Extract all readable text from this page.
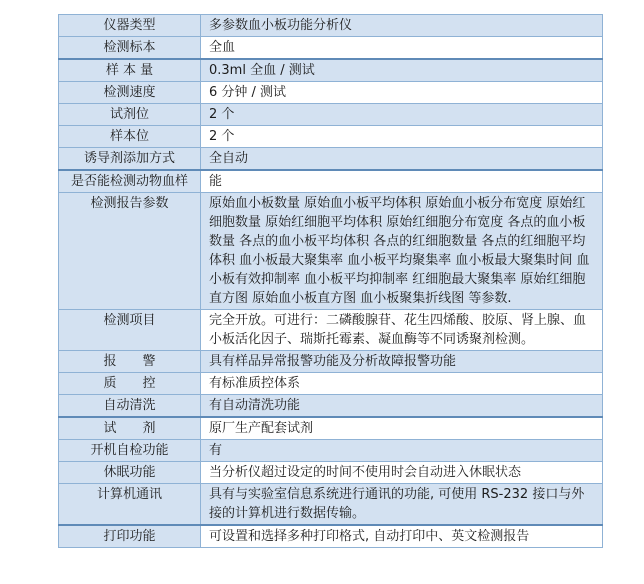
仪器类型	多参数血小板功能分析仪
检测标本	全血
样 本 量	0.3ml 全血 / 测试
检测速度	6 分钟 / 测试
试剂位	2 个
样本位	2 个
诱导剂添加方式	全自动
是否能检测动物血样	能
检测报告参数	原始血小板数量 原始血小板平均体积 原始血小板分布宽度 原始红细胞数量 原始红细胞平均体积 原始红细胞分布宽度 各点的血小板数量 各点的血小板平均体积 各点的红细胞数量 各点的红细胞平均体积 血小板最大聚集率 血小板平均聚集率 血小板最大聚集时间 血小板有效抑制率 血小板平均抑制率 红细胞最大聚集率 原始红细胞直方图 原始血小板直方图 血小板聚集折线图 等参数.
检测项目	完全开放。可进行：二磷酸腺苷、花生四烯酸、胶原、肾上腺、血小板活化因子、瑞斯托霉素、凝血酶等不同诱聚剂检测。
报　　警	具有样品异常报警功能及分析故障报警功能
质　　控	有标准质控体系
自动清洗	有自动清洗功能
试　　剂	原厂生产配套试剂
开机自检功能	有
休眠功能	当分析仪超过设定的时间不使用时会自动进入休眠状态
计算机通讯	具有与实验室信息系统进行通讯的功能, 可使用 RS-232 接口与外接的计算机进行数据传输。
打印功能	可设置和选择多种打印格式, 自动打印中、英文检测报告
